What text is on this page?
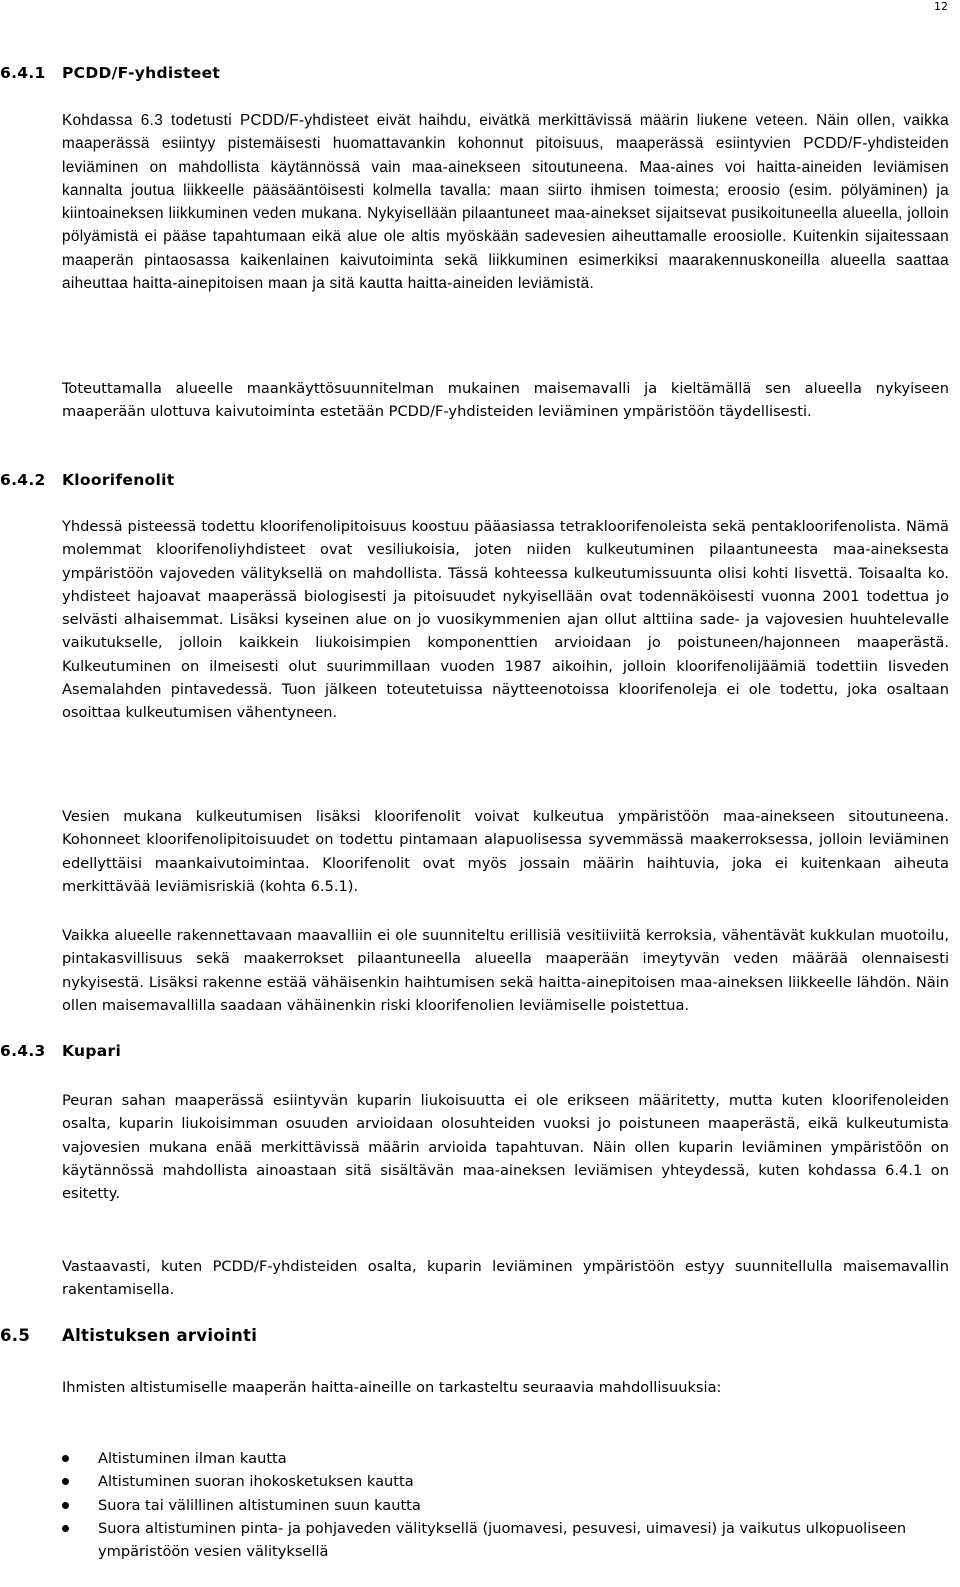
12
6.4.1 PCDD/F-yhdisteet

Kohdassa 6.3 todetusti PCDD/F-yhdisteet eivät haihdu, eivätkä merkittävissä määrin liukene veteen. Näin ollen, vaikka maaperässä esiintyy pistemäisesti huomattavankin kohonnut pitoisuus, maaperässä esiintyvien PCDD/F-yhdisteiden leviäminen on mahdollista käytännössä vain maa-ainekseen sitoutuneena. Maa-aines voi haitta-aineiden leviämisen kannalta joutua liikkeelle pääsääntöisesti kolmella tavalla: maan siirto ihmisen toimesta; eroosio (esim. pölyäminen) ja kiintoaineksen liikkuminen veden mukana. Nykyisellään pilaantuneet maa-ainekset sijaitsevat pusikoituneella alueella, jolloin pölyämistä ei pääse tapahtumaan eikä alue ole altis myöskään sadevesien aiheuttamalle eroosiolle. Kuitenkin sijaitessaan maaperän pintaosassa kaikenlainen kaivutoiminta sekä liikkuminen esimerkiksi maarakennuskoneilla alueella saattaa aiheuttaa haitta-ainepitoisen maan ja sitä kautta haitta-aineiden leviämistä.

Toteuttamalla alueelle maankäyttösuunnitelman mukainen maisemavalli ja kieltämällä sen alueella nykyiseen maaperään ulottuva kaivutoiminta estetään PCDD/F-yhdisteiden leviäminen ympäristöön täydellisesti.

6.4.2 Kloorifenolit

Yhdessä pisteessä todettu kloorifenolipitoisuus koostuu pääasiassa tetrakloorifenoleista sekä pentakloorifenolista. Nämä molemmat kloorifenoliyhdisteet ovat vesiliukoisia, joten niiden kulkeutuminen pilaantuneesta maa-aineksesta ympäristöön vajoveden välityksellä on mahdollista. Tässä kohteessa kulkeutumissuunta olisi kohti Iisvettä. Toisaalta ko. yhdisteet hajoavat maaperässä biologisesti ja pitoisuudet nykyisellään ovat todennäköisesti vuonna 2001 todettua jo selvästi alhaisemmat. Lisäksi kyseinen alue on jo vuosikymmenien ajan ollut alttiina sade- ja vajovesien huuhtelevalle vaikutukselle, jolloin kaikkein liukoisimpien komponenttien arvioidaan jo poistuneen/hajonneen maaperästä. Kulkeutuminen on ilmeisesti olut suurimmillaan vuoden 1987 aikoihin, jolloin kloorifenolijäämiä todettiin Iisveden Asemalahden pintavedessä. Tuon jälkeen toteutetuissa näytteenotoissa kloorifenoleja ei ole todettu, joka osaltaan osoittaa kulkeutumisen vähentyneen.

Vesien mukana kulkeutumisen lisäksi kloorifenolit voivat kulkeutua ympäristöön maa-ainekseen sitoutuneena. Kohonneet kloorifenolipitoisuudet on todettu pintamaan alapuolisessa syvemmässä maakerroksessa, jolloin leviäminen edellyttäisi maankaivutoimintaa. Kloorifenolit ovat myös jossain määrin haihtuvia, joka ei kuitenkaan aiheuta merkittävää leviämisriskiä (kohta 6.5.1).

Vaikka alueelle rakennettavaan maavalliin ei ole suunniteltu erillisiä vesitiiviitä kerroksia, vähentävät kukkulan muotoilu, pintakasvillisuus sekä maakerrokset pilaantuneella alueella maaperään imeytyvän veden määrää olennaisesti nykyisestä. Lisäksi rakenne estää vähäisenkin haihtumisen sekä haitta-ainepitoisen maa-aineksen liikkeelle lähdön. Näin ollen maisemavallilla saadaan vähäinenkin riski kloorifenolien leviämiselle poistettua.

6.4.3 Kupari

Peuran sahan maaperässä esiintyvän kuparin liukoisuutta ei ole erikseen määritetty, mutta kuten kloorifenoleiden osalta, kuparin liukoisimman osuuden arvioidaan olosuhteiden vuoksi jo poistuneen maaperästä, eikä kulkeutumista vajovesien mukana enää merkittävissä määrin arvioida tapahtuvan. Näin ollen kuparin leviäminen ympäristöön on käytännössä mahdollista ainoastaan sitä sisältävän maa-aineksen leviämisen yhteydessä, kuten kohdassa 6.4.1 on esitetty.

Vastaavasti, kuten PCDD/F-yhdisteiden osalta, kuparin leviäminen ympäristöön estyy suunnitellulla maisemavallin rakentamisella.

6.5 Altistuksen arviointi

Ihmisten altistumiselle maaperän haitta-aineille on tarkasteltu seuraavia mahdollisuuksia:

Altistuminen ilman kautta
Altistuminen suoran ihokosketuksen kautta
Suora tai välillinen altistuminen suun kautta
Suora altistuminen pinta- ja pohjaveden välityksellä (juomavesi, pesuvesi, uimavesi) ja vaikutus ulkopuoliseen ympäristöön vesien välityksellä
